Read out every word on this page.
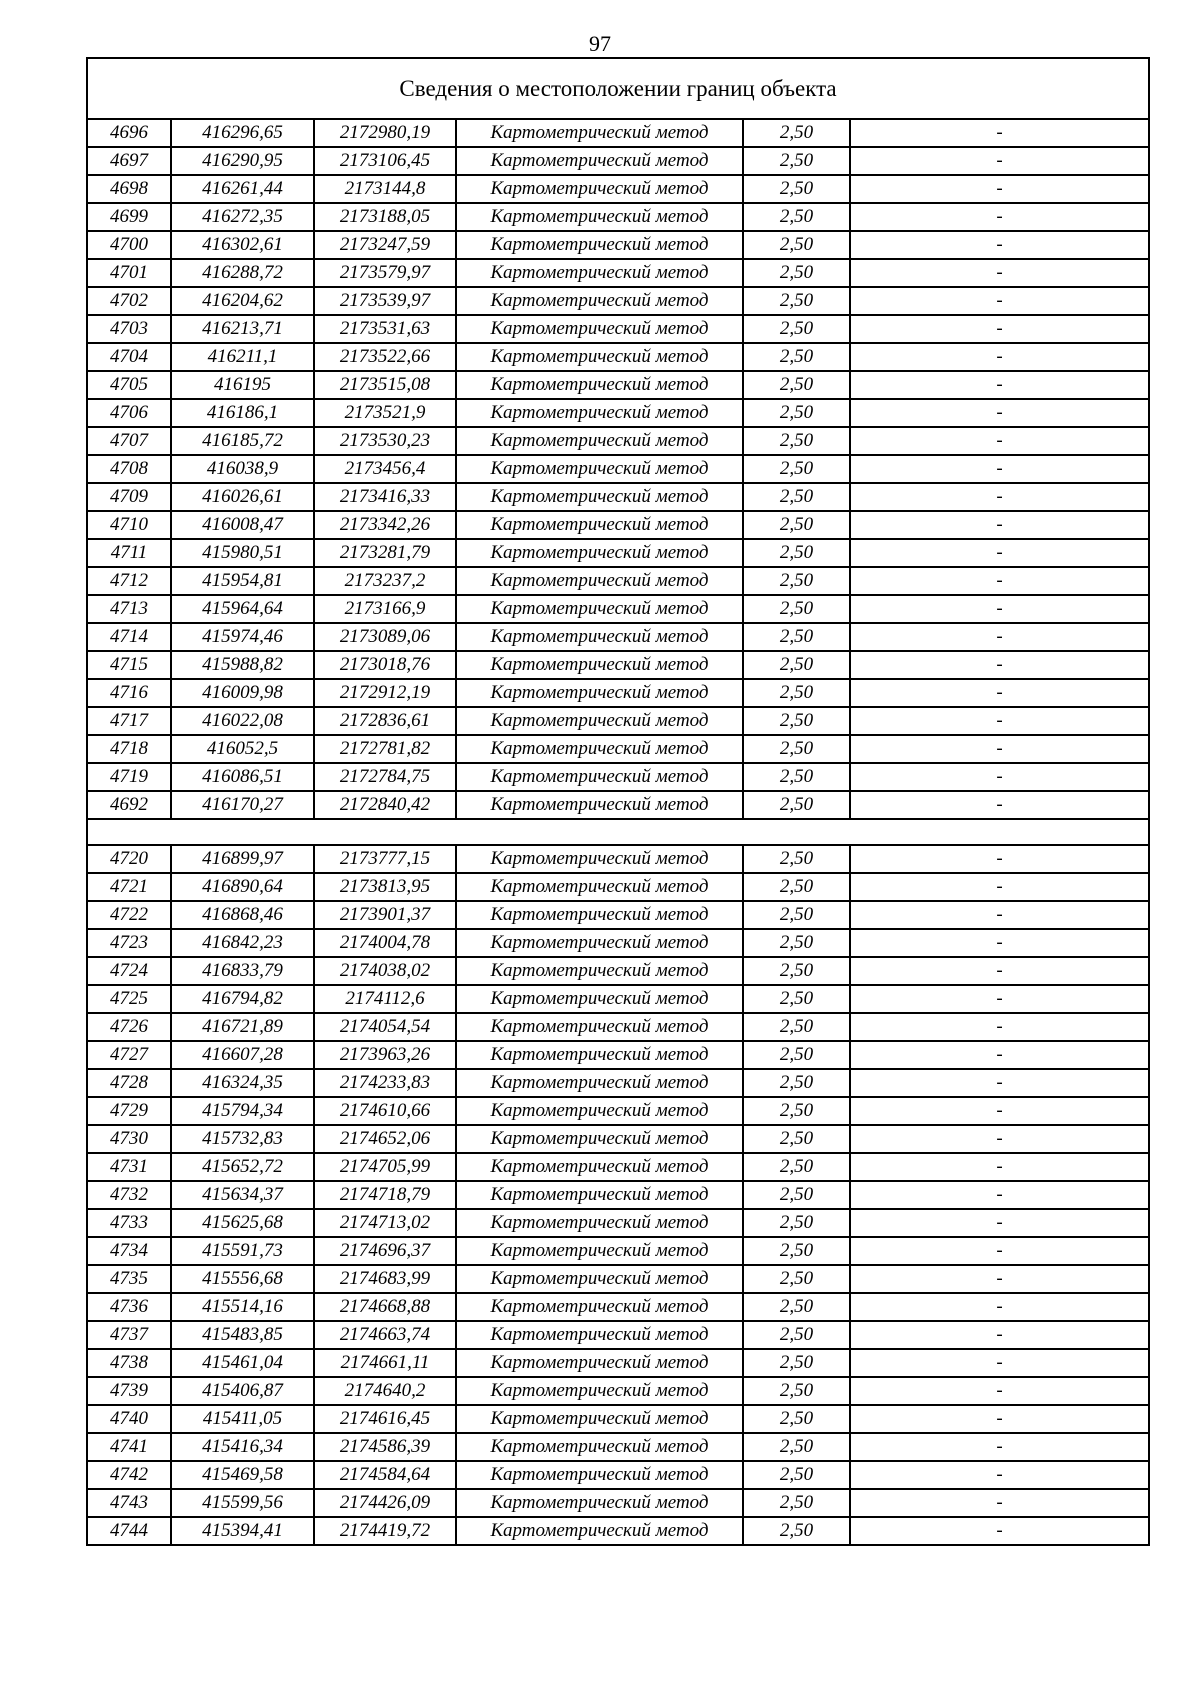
97
Сведения о местоположении границ объекта					
4696	416296,65	2172980,19	Картометрический метод	2,50	-
4697	416290,95	2173106,45	Картометрический метод	2,50	-
4698	416261,44	2173144,8	Картометрический метод	2,50	-
4699	416272,35	2173188,05	Картометрический метод	2,50	-
4700	416302,61	2173247,59	Картометрический метод	2,50	-
4701	416288,72	2173579,97	Картометрический метод	2,50	-
4702	416204,62	2173539,97	Картометрический метод	2,50	-
4703	416213,71	2173531,63	Картометрический метод	2,50	-
4704	416211,1	2173522,66	Картометрический метод	2,50	-
4705	416195	2173515,08	Картометрический метод	2,50	-
4706	416186,1	2173521,9	Картометрический метод	2,50	-
4707	416185,72	2173530,23	Картометрический метод	2,50	-
4708	416038,9	2173456,4	Картометрический метод	2,50	-
4709	416026,61	2173416,33	Картометрический метод	2,50	-
4710	416008,47	2173342,26	Картометрический метод	2,50	-
4711	415980,51	2173281,79	Картометрический метод	2,50	-
4712	415954,81	2173237,2	Картометрический метод	2,50	-
4713	415964,64	2173166,9	Картометрический метод	2,50	-
4714	415974,46	2173089,06	Картометрический метод	2,50	-
4715	415988,82	2173018,76	Картометрический метод	2,50	-
4716	416009,98	2172912,19	Картометрический метод	2,50	-
4717	416022,08	2172836,61	Картометрический метод	2,50	-
4718	416052,5	2172781,82	Картометрический метод	2,50	-
4719	416086,51	2172784,75	Картометрический метод	2,50	-
4692	416170,27	2172840,42	Картометрический метод	2,50	-

4720	416899,97	2173777,15	Картометрический метод	2,50	-
4721	416890,64	2173813,95	Картометрический метод	2,50	-
4722	416868,46	2173901,37	Картометрический метод	2,50	-
4723	416842,23	2174004,78	Картометрический метод	2,50	-
4724	416833,79	2174038,02	Картометрический метод	2,50	-
4725	416794,82	2174112,6	Картометрический метод	2,50	-
4726	416721,89	2174054,54	Картометрический метод	2,50	-
4727	416607,28	2173963,26	Картометрический метод	2,50	-
4728	416324,35	2174233,83	Картометрический метод	2,50	-
4729	415794,34	2174610,66	Картометрический метод	2,50	-
4730	415732,83	2174652,06	Картометрический метод	2,50	-
4731	415652,72	2174705,99	Картометрический метод	2,50	-
4732	415634,37	2174718,79	Картометрический метод	2,50	-
4733	415625,68	2174713,02	Картометрический метод	2,50	-
4734	415591,73	2174696,37	Картометрический метод	2,50	-
4735	415556,68	2174683,99	Картометрический метод	2,50	-
4736	415514,16	2174668,88	Картометрический метод	2,50	-
4737	415483,85	2174663,74	Картометрический метод	2,50	-
4738	415461,04	2174661,11	Картометрический метод	2,50	-
4739	415406,87	2174640,2	Картометрический метод	2,50	-
4740	415411,05	2174616,45	Картометрический метод	2,50	-
4741	415416,34	2174586,39	Картометрический метод	2,50	-
4742	415469,58	2174584,64	Картометрический метод	2,50	-
4743	415599,56	2174426,09	Картометрический метод	2,50	-
4744	415394,41	2174419,72	Картометрический метод	2,50	-
